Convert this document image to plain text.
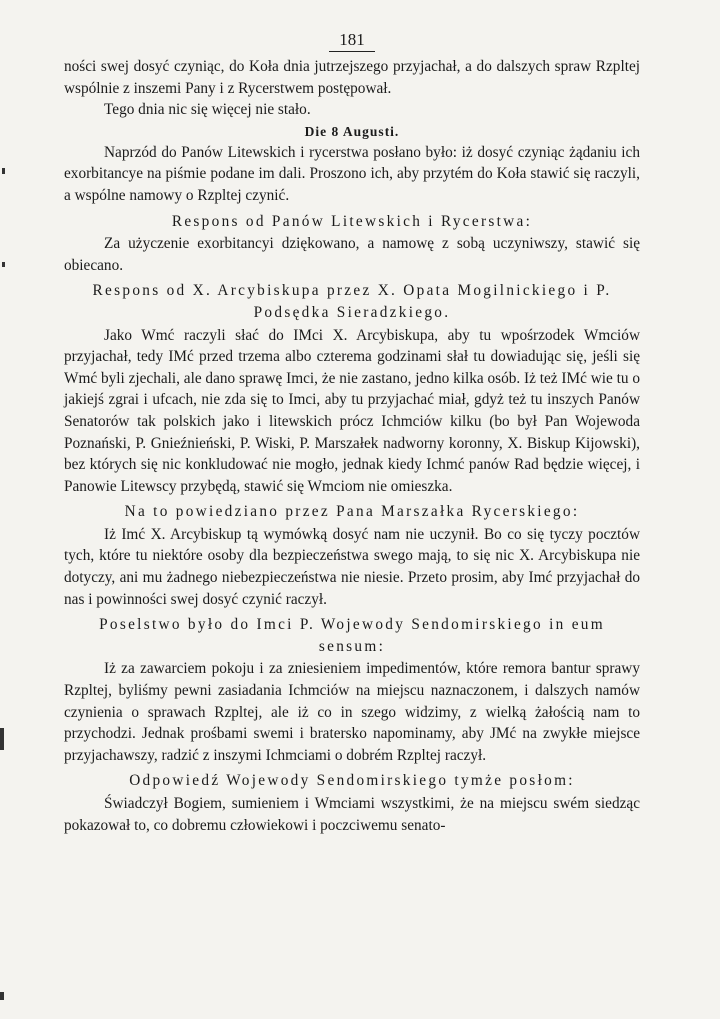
181

ności swej dosyć czyniąc, do Koła dnia jutrzejszego przyjachał, a do dalszych spraw Rzpltej wspólnie z inszemi Pany i z Rycerstwem postępował.

Tego dnia nic się więcej nie stało.

Die 8 Augusti.

Naprzód do Panów Litewskich i rycerstwa posłano było: iż dosyć czyniąc żądaniu ich exorbitancye na piśmie podane im dali. Proszono ich, aby przytém do Koła stawić się raczyli, a wspólne namowy o Rzpltej czynić.

Respons od Panów Litewskich i Rycerstwa:

Za użyczenie exorbitancyi dziękowano, a namowę z sobą uczyniwszy, stawić się obiecano.

Respons od X. Arcybiskupa przez X. Opata Mogilnickiego i P. Podsędka Sieradzkiego.

Jako Wmć raczyli słać do IMci X. Arcybiskupa, aby tu wpośrzodek Wmciów przyjachał, tedy IMć przed trzema albo czterema godzinami słał tu dowiadując się, jeśli się Wmć byli zjechali, ale dano sprawę Imci, że nie zastano, jedno kilka osób. Iż też IMć wie tu o jakiejś zgrai i ufcach, nie zda się to Imci, aby tu przyjachać miał, gdyż też tu inszych Panów Senatorów tak polskich jako i litewskich prócz Ichmciów kilku (bo był Pan Wojewoda Poznański, P. Gnieźnieński, P. Wiski, P. Marszałek nadworny koronny, X. Biskup Kijowski), bez których się nic konkludować nie mogło, jednak kiedy Ichmć panów Rad będzie więcej, i Panowie Litewscy przybędą, stawić się Wmciom nie omieszka.

Na to powiedziano przez Pana Marszałka Rycerskiego:

Iż Imć X. Arcybiskup tą wymówką dosyć nam nie uczynił. Bo co się tyczy pocztów tych, które tu niektóre osoby dla bezpieczeństwa swego mają, to się nic X. Arcybiskupa nie dotyczy, ani mu żadnego niebezpieczeństwa nie niesie. Przeto prosim, aby Imć przyjachał do nas i powinności swej dosyć czynić raczył.

Poselstwo było do Imci P. Wojewody Sendomirskiego in eum sensum:

Iż za zawarciem pokoju i za zniesieniem impedimentów, które remora bantur sprawy Rzpltej, byliśmy pewni zasiadania Ichmciów na miejscu naznaczonem, i dalszych namów czynienia o sprawach Rzpltej, ale iż co in szego widzimy, z wielką żałością nam to przychodzi. Jednak prośbami swemi i bratersko napominamy, aby JMć na zwykłe miejsce przyjachawszy, radzić z inszymi Ichmciami o dobrém Rzpltej raczył.

Odpowiedź Wojewody Sendomirskiego tymże posłom:

Świadczył Bogiem, sumieniem i Wmciami wszystkimi, że na miejscu swém siedząc pokazował to, co dobremu człowiekowi i poczciwemu senato-
